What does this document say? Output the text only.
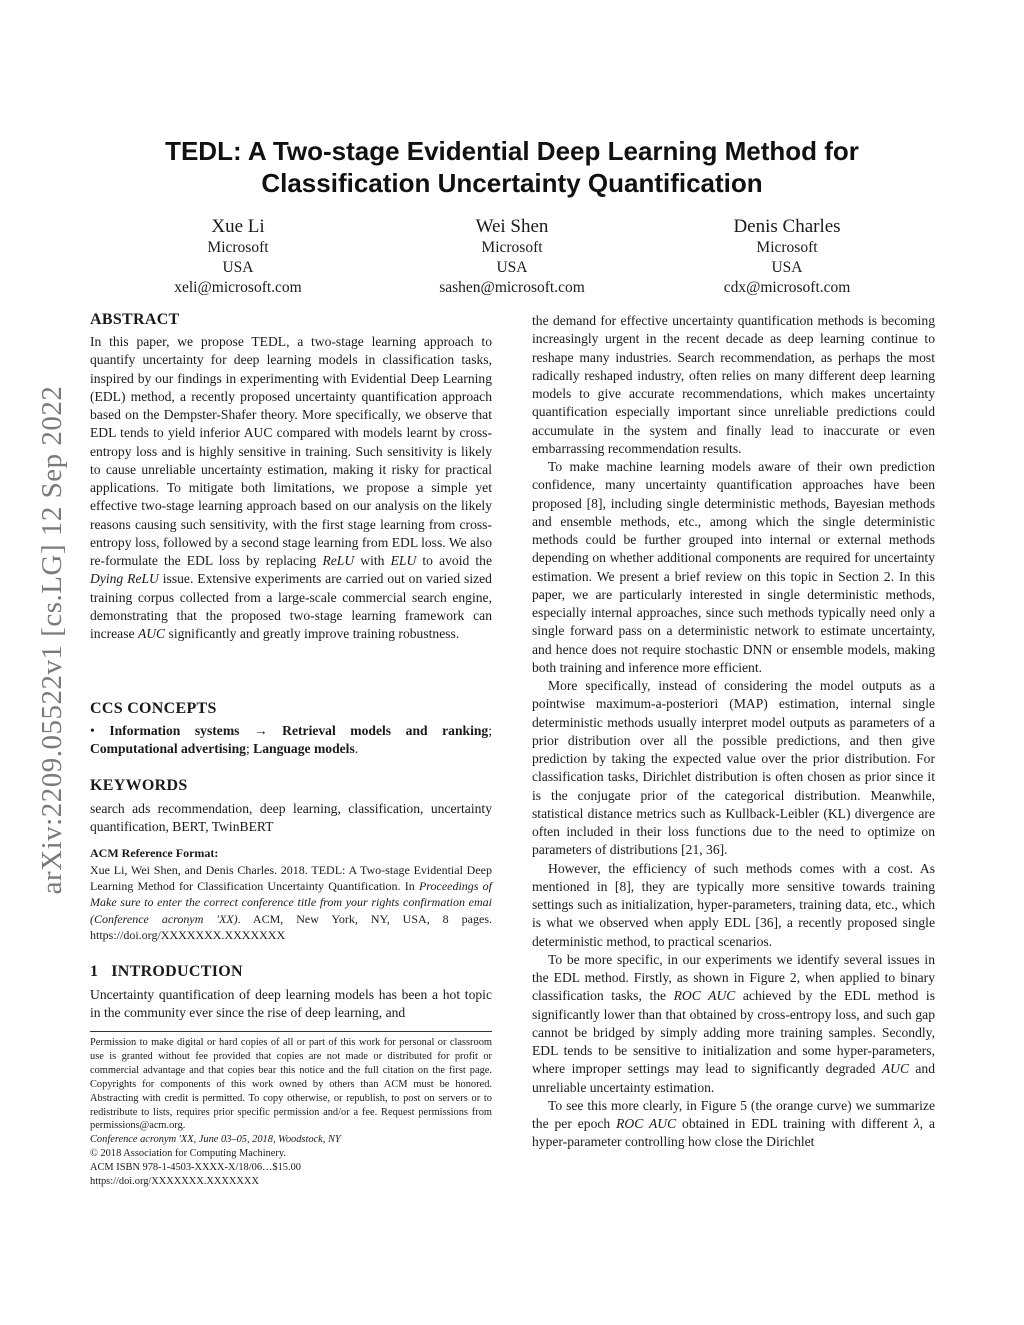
arXiv:2209.05522v1 [cs.LG] 12 Sep 2022
TEDL: A Two-stage Evidential Deep Learning Method for
Classification Uncertainty Quantification
Xue Li
Microsoft
USA
xeli@microsoft.com
Wei Shen
Microsoft
USA
sashen@microsoft.com
Denis Charles
Microsoft
USA
cdx@microsoft.com
ABSTRACT

In this paper, we propose TEDL, a two-stage learning approach to quantify uncertainty for deep learning models in classification tasks, inspired by our findings in experimenting with Evidential Deep Learning (EDL) method, a recently proposed uncertainty quantification approach based on the Dempster-Shafer theory. More specifically, we observe that EDL tends to yield inferior AUC compared with models learnt by cross-entropy loss and is highly sensitive in training. Such sensitivity is likely to cause unreliable uncertainty estimation, making it risky for practical applications. To mitigate both limitations, we propose a simple yet effective two-stage learning approach based on our analysis on the likely reasons causing such sensitivity, with the first stage learning from cross-entropy loss, followed by a second stage learning from EDL loss. We also re-formulate the EDL loss by replacing ReLU with ELU to avoid the Dying ReLU issue. Extensive experiments are carried out on varied sized training corpus collected from a large-scale commercial search engine, demonstrating that the proposed two-stage learning framework can increase AUC significantly and greatly improve training robustness.

CCS CONCEPTS

• Information systems → Retrieval models and ranking; Computational advertising; Language models.

KEYWORDS
search ads recommendation, deep learning, classification, uncertainty quantification, BERT, TwinBERT
ACM Reference Format:
Xue Li, Wei Shen, and Denis Charles. 2018. TEDL: A Two-stage Evidential Deep Learning Method for Classification Uncertainty Quantification. In Proceedings of Make sure to enter the correct conference title from your rights confirmation emai (Conference acronym 'XX). ACM, New York, NY, USA, 8 pages. https://doi.org/XXXXXXX.XXXXXXX
1 INTRODUCTION
Uncertainty quantification of deep learning models has been a hot topic in the community ever since the rise of deep learning, and
Permission to make digital or hard copies of all or part of this work for personal or classroom use is granted without fee provided that copies are not made or distributed for profit or commercial advantage and that copies bear this notice and the full citation on the first page. Copyrights for components of this work owned by others than ACM must be honored. Abstracting with credit is permitted. To copy otherwise, or republish, to post on servers or to redistribute to lists, requires prior specific permission and/or a fee. Request permissions from permissions@acm.org.
Conference acronym 'XX, June 03–05, 2018, Woodstock, NY
© 2018 Association for Computing Machinery.
ACM ISBN 978-1-4503-XXXX-X/18/06…$15.00
https://doi.org/XXXXXXX.XXXXXXX

the demand for effective uncertainty quantification methods is becoming increasingly urgent in the recent decade as deep learning continue to reshape many industries. Search recommendation, as perhaps the most radically reshaped industry, often relies on many different deep learning models to give accurate recommendations, which makes uncertainty quantification especially important since unreliable predictions could accumulate in the system and finally lead to inaccurate or even embarrassing recommendation results.

To make machine learning models aware of their own prediction confidence, many uncertainty quantification approaches have been proposed [8], including single deterministic methods, Bayesian methods and ensemble methods, etc., among which the single deterministic methods could be further grouped into internal or external methods depending on whether additional components are required for uncertainty estimation. We present a brief review on this topic in Section 2. In this paper, we are particularly interested in single deterministic methods, especially internal approaches, since such methods typically need only a single forward pass on a deterministic network to estimate uncertainty, and hence does not require stochastic DNN or ensemble models, making both training and inference more efficient.

More specifically, instead of considering the model outputs as a pointwise maximum-a-posteriori (MAP) estimation, internal single deterministic methods usually interpret model outputs as parameters of a prior distribution over all the possible predictions, and then give prediction by taking the expected value over the prior distribution. For classification tasks, Dirichlet distribution is often chosen as prior since it is the conjugate prior of the categorical distribution. Meanwhile, statistical distance metrics such as Kullback-Leibler (KL) divergence are often included in their loss functions due to the need to optimize on parameters of distributions [21, 36].

However, the efficiency of such methods comes with a cost. As mentioned in [8], they are typically more sensitive towards training settings such as initialization, hyper-parameters, training data, etc., which is what we observed when apply EDL [36], a recently proposed single deterministic method, to practical scenarios.

To be more specific, in our experiments we identify several issues in the EDL method. Firstly, as shown in Figure 2, when applied to binary classification tasks, the ROC AUC achieved by the EDL method is significantly lower than that obtained by cross-entropy loss, and such gap cannot be bridged by simply adding more training samples. Secondly, EDL tends to be sensitive to initialization and some hyper-parameters, where improper settings may lead to significantly degraded AUC and unreliable uncertainty estimation.

To see this more clearly, in Figure 5 (the orange curve) we summarize the per epoch ROC AUC obtained in EDL training with different λ, a hyper-parameter controlling how close the Dirichlet
